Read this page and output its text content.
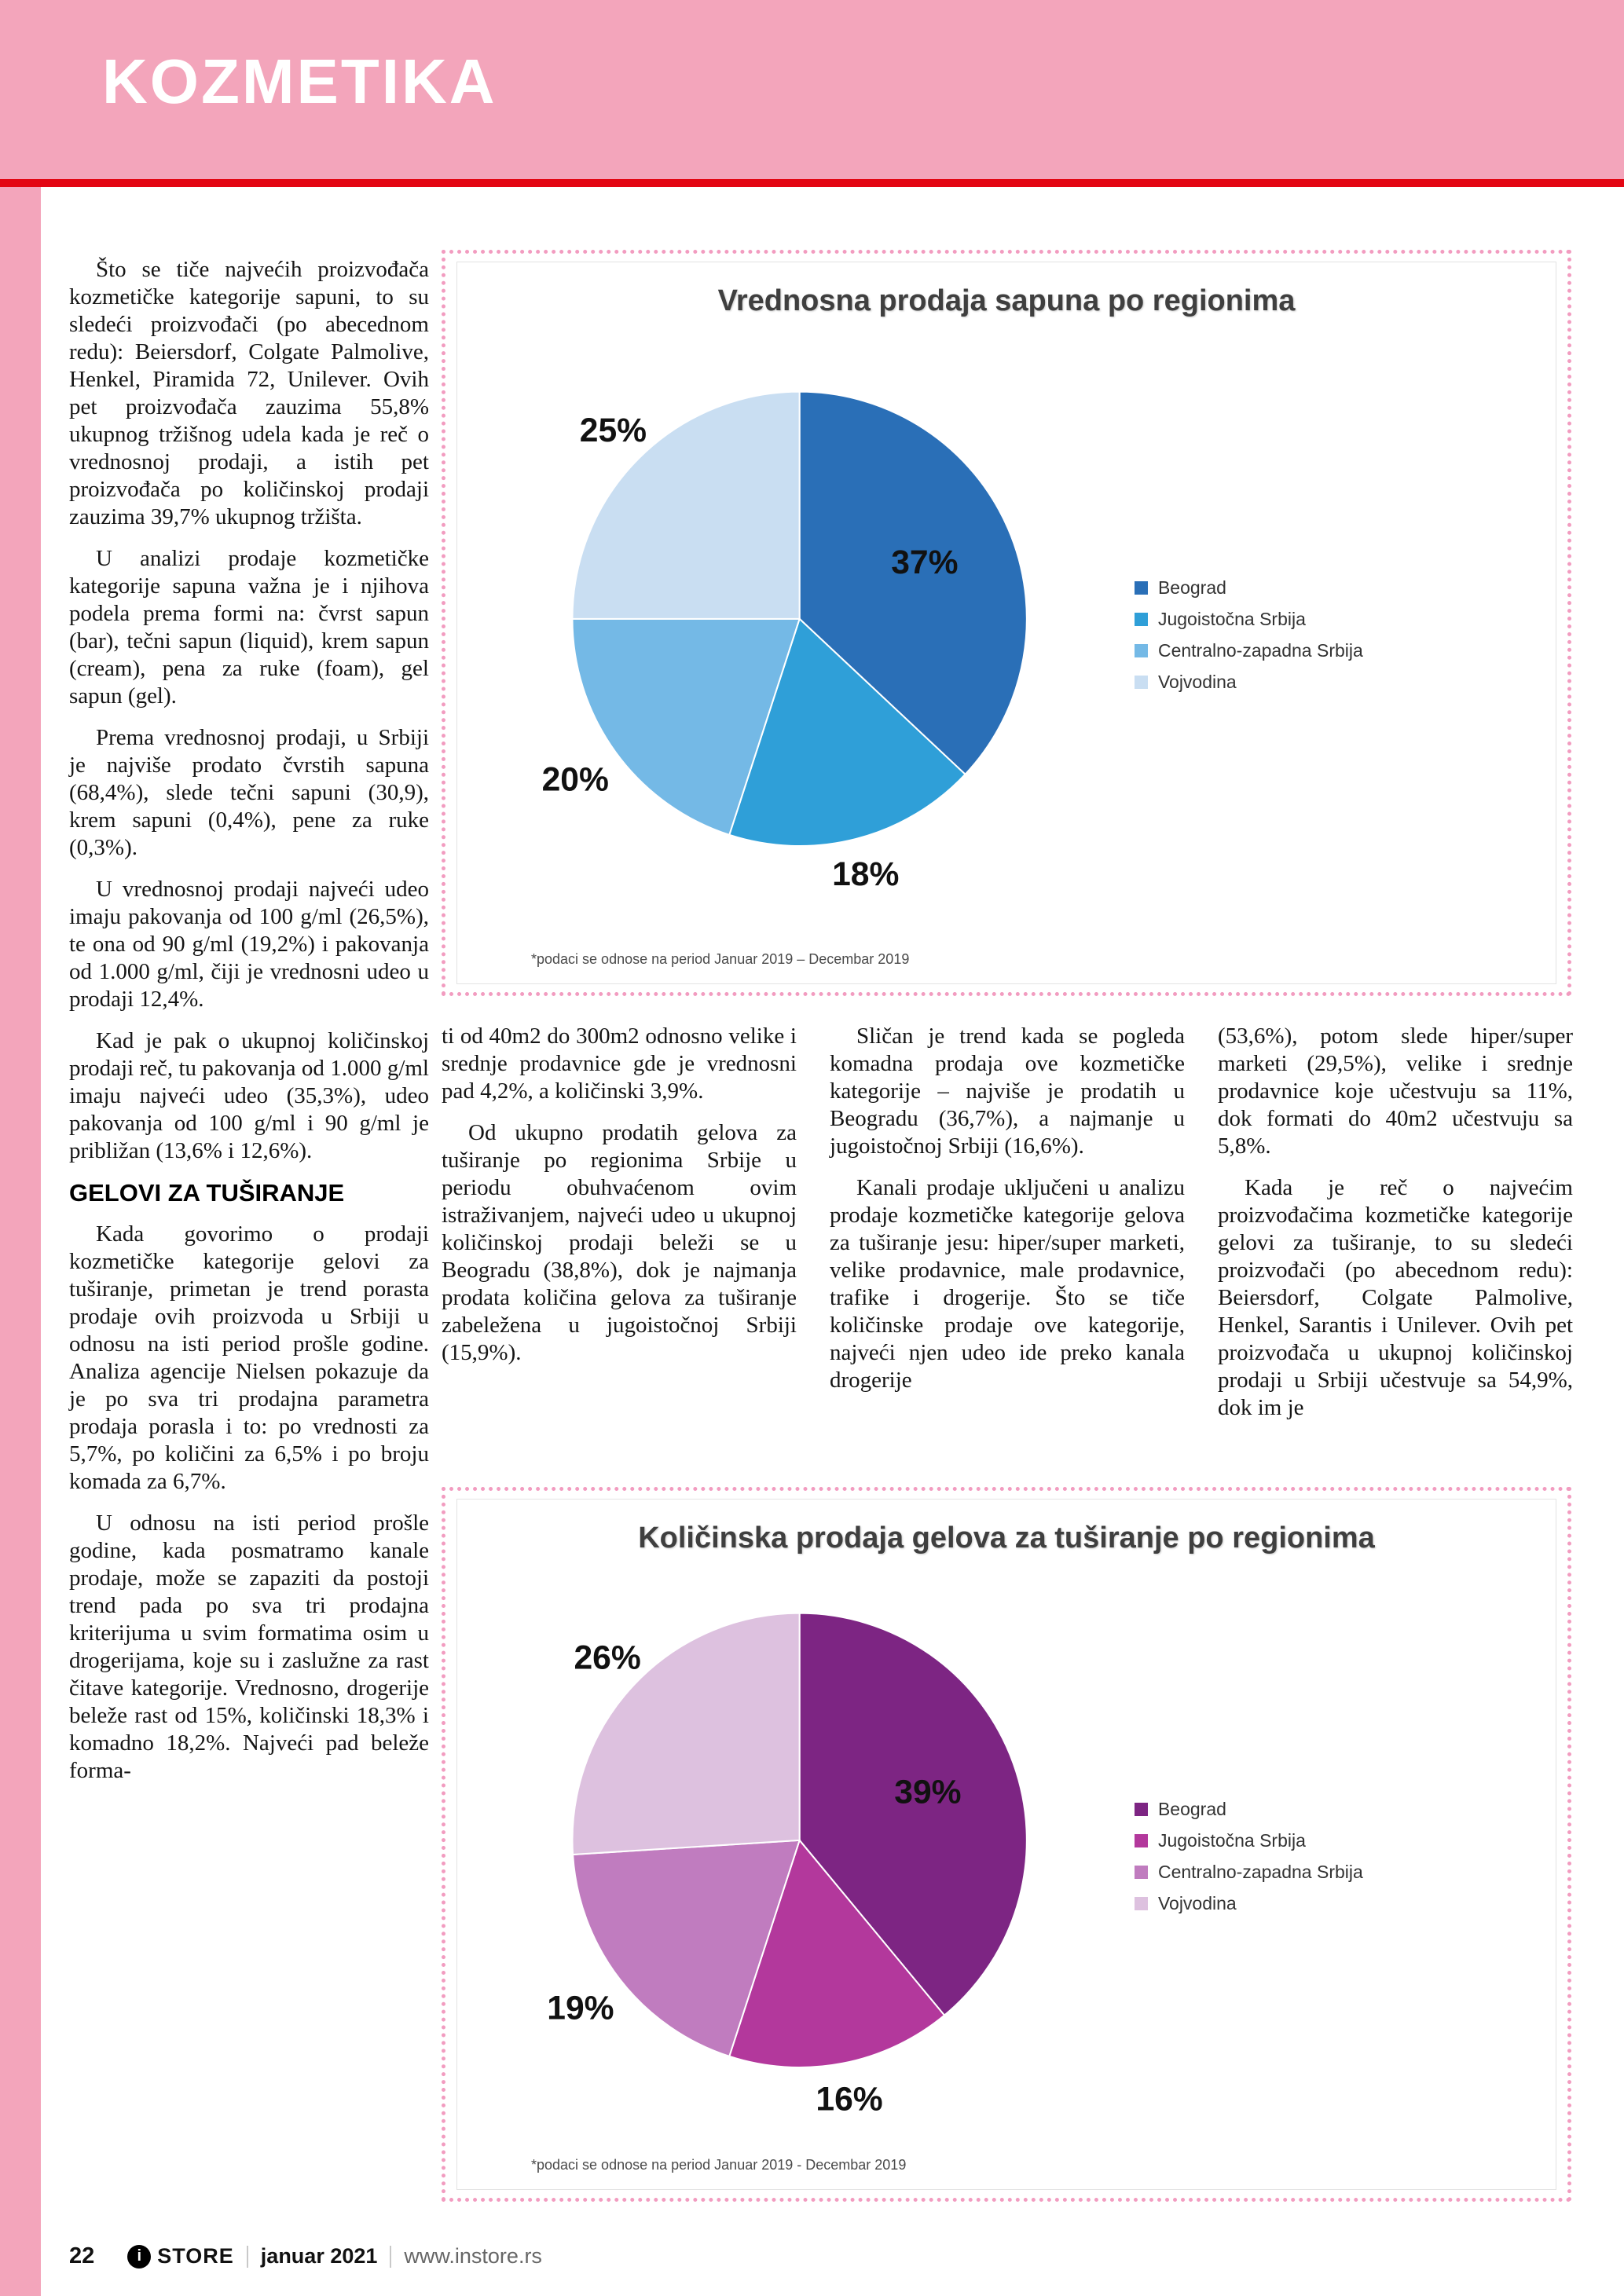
KOZMETIKA

Što se tiče najvećih proizvođača kozmetičke kategorije sapuni, to su sledeći proizvođači (po abecednom redu): Beiersdorf, Colgate Palmolive, Henkel, Piramida 72, Unilever. Ovih pet proizvođača zauzima 55,8% ukupnog tržišnog udela kada je reč o vrednosnoj prodaji, a istih pet proizvođača po količinskoj prodaji zauzima 39,7% ukupnog tržišta.

U analizi prodaje kozmetičke kategorije sapuna važna je i njihova podela prema formi na: čvrst sapun (bar), tečni sapun (liquid), krem sapun (cream), pena za ruke (foam), gel sapun (gel).

Prema vrednosnoj prodaji, u Srbiji je najviše prodato čvrstih sapuna (68,4%), slede tečni sapuni (30,9), krem sapuni (0,4%), pene za ruke (0,3%).

U vrednosnoj prodaji najveći udeo imaju pakovanja od 100 g/ml (26,5%), te ona od 90 g/ml (19,2%) i pakovanja od 1.000 g/ml, čiji je vrednosni udeo u prodaji 12,4%.

Kad je pak o ukupnoj količinskoj prodaji reč, tu pakovanja od 1.000 g/ml imaju najveći udeo (35,3%), udeo pakovanja od 100 g/ml i 90 g/ml je približan (13,6% i 12,6%).

GELOVI ZA TUŠIRANJE

Kada govorimo o prodaji kozmetičke kategorije gelovi za tuširanje, primetan je trend porasta prodaje ovih proizvoda u Srbiji u odnosu na isti period prošle godine. Analiza agencije Nielsen pokazuje da je po sva tri prodajna parametra prodaja porasla i to: po vrednosti za 5,7%, po količini za 6,5% i po broju komada za 6,7%.

U odnosu na isti period prošle godine, kada posmatramo kanale prodaje, može se zapaziti da postoji trend pada po sva tri prodajna kriterijuma u svim formatima osim u drogerijama, koje su i zaslužne za rast čitave kategorije. Vrednosno, drogerije beleže rast od 15%, količinski 18,3% i komadno 18,2%. Najveći pad beleže forma-

Vrednosna prodaja sapuna po regionima
37%
18%
20%
25%
Beograd
Jugoistočna Srbija
Centralno-zapadna Srbija
Vojvodina
*podaci se odnose na period Januar 2019 – Decembar 2019

ti od 40m2 do 300m2 odnosno velike i srednje prodavnice gde je vrednosni pad 4,2%, a količinski 3,9%.

Od ukupno prodatih gelova za tuširanje po regionima Srbije u periodu obuhvaćenom ovim istraživanjem, najveći udeo u ukupnoj količinskoj prodaji beleži se u Beogradu (38,8%), dok je najmanja prodata količina gelova za tuširanje zabeležena u jugoistočnoj Srbiji (15,9%).

Sličan je trend kada se pogleda komadna prodaja ove kozmetičke kategorije – najviše je prodatih u Beogradu (36,7%), a najmanje u jugoistočnoj Srbiji (16,6%).

Kanali prodaje uključeni u analizu prodaje kozmetičke kategorije gelova za tuširanje jesu: hiper/super marketi, velike prodavnice, male prodavnice, trafike i drogerije. Što se tiče količinske prodaje ove kategorije, najveći njen udeo ide preko kanala drogerije

(53,6%), potom slede hiper/super marketi (29,5%), velike i srednje prodavnice koje učestvuju sa 11%, dok formati do 40m2 učestvuju sa 5,8%.

Kada je reč o najvećim proizvođačima kozmetičke kategorije gelovi za tuširanje, to su sledeći proizvođači (po abecednom redu): Beiersdorf, Colgate Palmolive, Henkel, Sarantis i Unilever. Ovih pet proizvođača u ukupnoj količinskoj prodaji u Srbiji učestvuje sa 54,9%, dok im je

Količinska prodaja gelova za tuširanje po regionima
39%
16%
19%
26%
Beograd
Jugoistočna Srbija
Centralno-zapadna Srbija
Vojvodina
*podaci se odnose na period Januar 2019 - Decembar 2019
22	i STORE januar 2021 www.instore.rs
